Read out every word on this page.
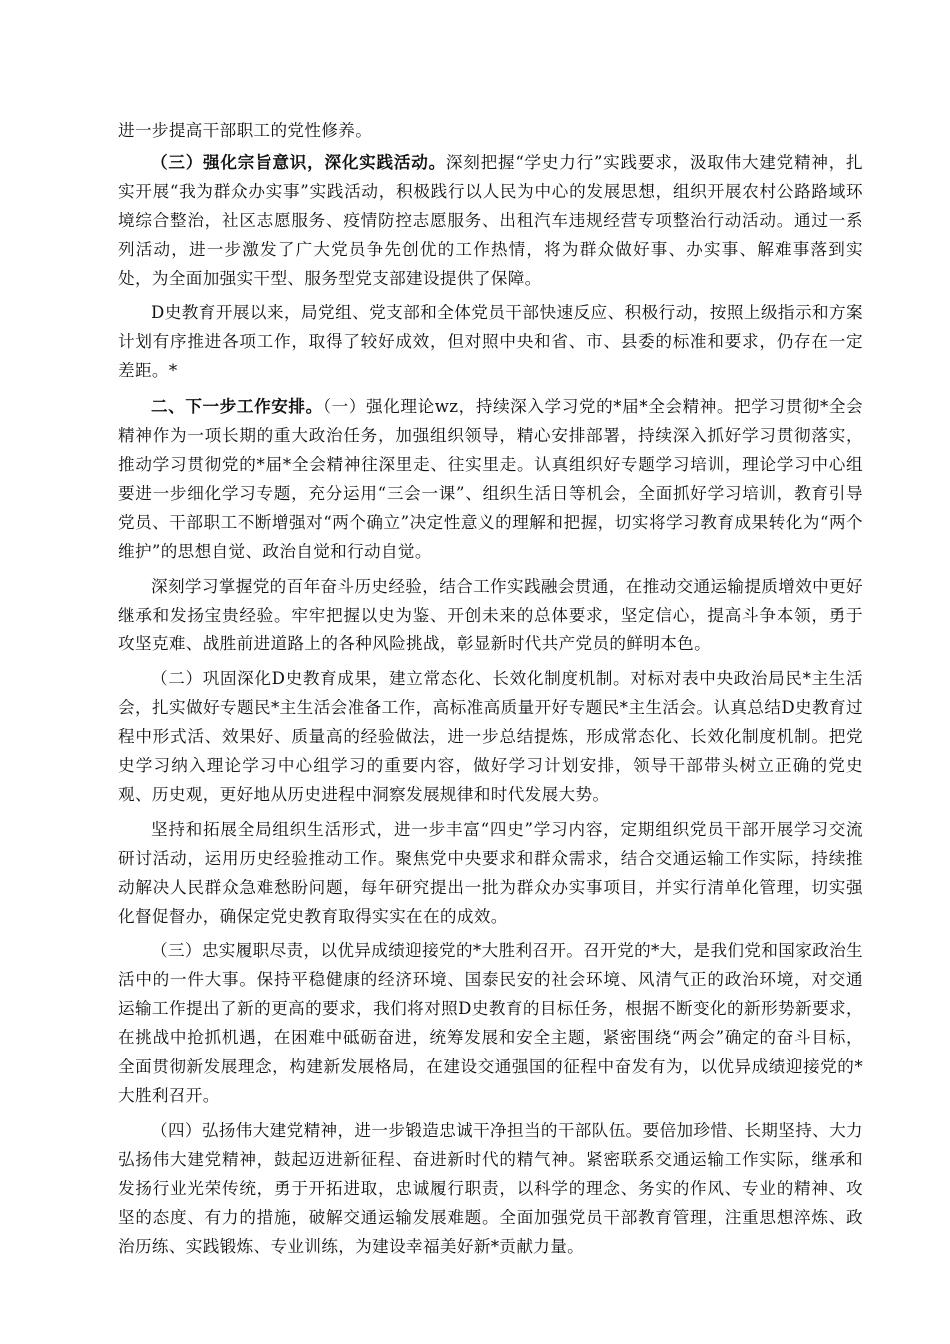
进一步提高干部职工的党性修养。

（三）强化宗旨意识，深化实践活动。深刻把握“学史力行”实践要求，汲取伟大建党精神，扎实开展“我为群众办实事”实践活动，积极践行以人民为中心的发展思想，组织开展农村公路路域环境综合整治，社区志愿服务、疫情防控志愿服务、出租汽车违规经营专项整治行动活动。通过一系列活动，进一步激发了广大党员争先创优的工作热情，将为群众做好事、办实事、解难事落到实处，为全面加强实干型、服务型党支部建设提供了保障。

D史教育开展以来，局党组、党支部和全体党员干部快速反应、积极行动，按照上级指示和方案计划有序推进各项工作，取得了较好成效，但对照中央和省、市、县委的标准和要求，仍存在一定差距。*

二、下一步工作安排。（一）强化理论wz，持续深入学习党的*届*全会精神。把学习贯彻*全会精神作为一项长期的重大政治任务，加强组织领导，精心安排部署，持续深入抓好学习贯彻落实，推动学习贯彻党的*届*全会精神往深里走、往实里走。认真组织好专题学习培训，理论学习中心组要进一步细化学习专题，充分运用“三会一课”、组织生活日等机会，全面抓好学习培训，教育引导党员、干部职工不断增强对“两个确立”决定性意义的理解和把握，切实将学习教育成果转化为“两个维护”的思想自觉、政治自觉和行动自觉。

深刻学习掌握党的百年奋斗历史经验，结合工作实践融会贯通，在推动交通运输提质增效中更好继承和发扬宝贵经验。牢牢把握以史为鉴、开创未来的总体要求，坚定信心，提高斗争本领，勇于攻坚克难、战胜前进道路上的各种风险挑战，彰显新时代共产党员的鲜明本色。

（二）巩固深化D史教育成果，建立常态化、长效化制度机制。对标对表中央政治局民*主生活会，扎实做好专题民*主生活会准备工作，高标准高质量开好专题民*主生活会。认真总结D史教育过程中形式活、效果好、质量高的经验做法，进一步总结提炼，形成常态化、长效化制度机制。把党史学习纳入理论学习中心组学习的重要内容，做好学习计划安排，领导干部带头树立正确的党史观、历史观，更好地从历史进程中洞察发展规律和时代发展大势。

坚持和拓展全局组织生活形式，进一步丰富“四史”学习内容，定期组织党员干部开展学习交流研讨活动，运用历史经验推动工作。聚焦党中央要求和群众需求，结合交通运输工作实际，持续推动解决人民群众急难愁盼问题，每年研究提出一批为群众办实事项目，并实行清单化管理，切实强化督促督办，确保定党史教育取得实实在在的成效。

（三）忠实履职尽责，以优异成绩迎接党的*大胜利召开。召开党的*大，是我们党和国家政治生活中的一件大事。保持平稳健康的经济环境、国泰民安的社会环境、风清气正的政治环境，对交通运输工作提出了新的更高的要求，我们将对照D史教育的目标任务，根据不断变化的新形势新要求，在挑战中抢抓机遇，在困难中砥砺奋进，统筹发展和安全主题，紧密围绕“两会”确定的奋斗目标，全面贯彻新发展理念，构建新发展格局，在建设交通强国的征程中奋发有为，以优异成绩迎接党的*大胜利召开。

（四）弘扬伟大建党精神，进一步锻造忠诚干净担当的干部队伍。要倍加珍惜、长期坚持、大力弘扬伟大建党精神，鼓起迈进新征程、奋进新时代的精气神。紧密联系交通运输工作实际，继承和发扬行业光荣传统，勇于开拓进取，忠诚履行职责，以科学的理念、务实的作风、专业的精神、攻坚的态度、有力的措施，破解交通运输发展难题。全面加强党员干部教育管理，注重思想淬炼、政治历练、实践锻炼、专业训练，为建设幸福美好新*贡献力量。
